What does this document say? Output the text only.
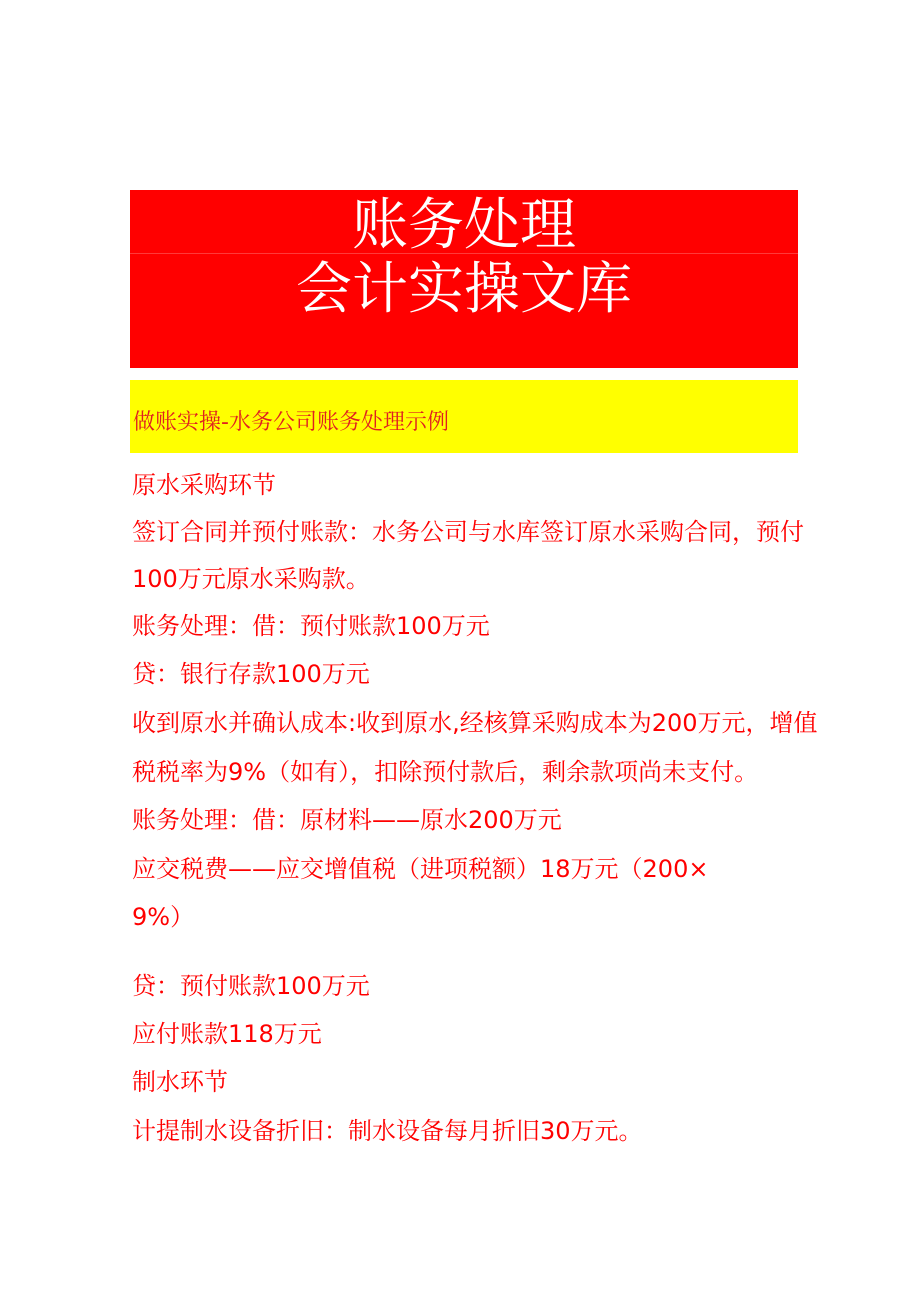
账务处理
会计实操文库
做账实操-水务公司账务处理示例
原水采购环节
签订合同并预付账款：水务公司与水库签订原水采购合同，预付
100万元原水采购款。
账务处理：借：预付账款100万元
贷：银行存款100万元
收到原水并确认成本:收到原水,经核算采购成本为200万元，增值
税税率为9%（如有），扣除预付款后，剩余款项尚未支付。
账务处理：借：原材料——原水200万元
应交税费——应交增值税（进项税额）18万元（200×
9%）
贷：预付账款100万元
应付账款118万元
制水环节
计提制水设备折旧：制水设备每月折旧30万元。
